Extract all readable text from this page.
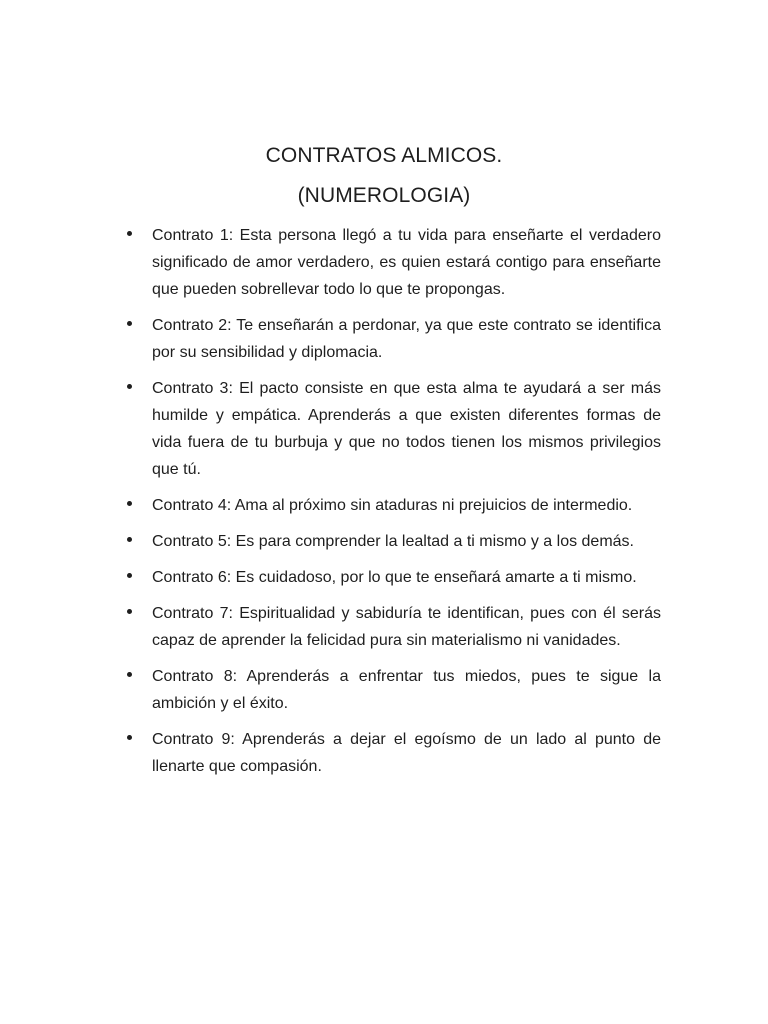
CONTRATOS ALMICOS.
(NUMEROLOGIA)
Contrato 1: Esta persona llegó a tu vida para enseñarte el verdadero significado de amor verdadero, es quien estará contigo para enseñarte que pueden sobrellevar todo lo que te propongas.
Contrato 2: Te enseñarán a perdonar, ya que este contrato se identifica por su sensibilidad y diplomacia.
Contrato 3: El pacto consiste en que esta alma te ayudará a ser más humilde y empática. Aprenderás a que existen diferentes formas de vida fuera de tu burbuja y que no todos tienen los mismos privilegios que tú.
Contrato 4: Ama al próximo sin ataduras ni prejuicios de intermedio.
Contrato 5: Es para comprender la lealtad a ti mismo y a los demás.
Contrato 6: Es cuidadoso, por lo que te enseñará amarte a ti mismo.
Contrato 7: Espiritualidad y sabiduría te identifican, pues con él serás capaz de aprender la felicidad pura sin materialismo ni vanidades.
Contrato 8: Aprenderás a enfrentar tus miedos, pues te sigue la ambición y el éxito.
Contrato 9: Aprenderás a dejar el egoísmo de un lado al punto de llenarte que compasión.
